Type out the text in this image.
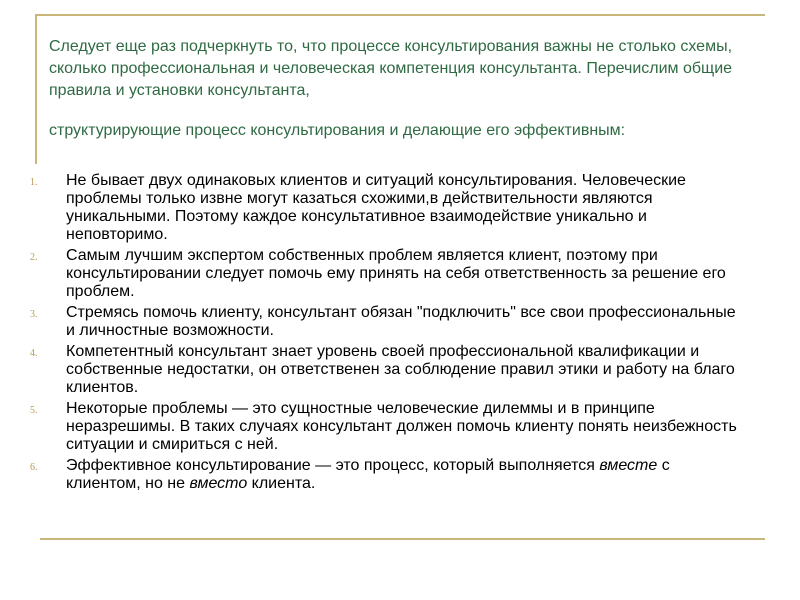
Следует еще раз подчеркнуть то, что процессе консультирования важны не столько схемы, сколько профессиональная и человеческая компетенция консультанта. Перечислим общие правила и установки консультанта,

структурирующие процесс консультирования и делающие его эффективным:

1. Не бывает двух одинаковых клиентов и ситуаций консультирования. Человеческие проблемы только извне могут казаться схожими,в действительности являются уникальными. Поэтому каждое консультативное взаимодействие уникально и неповторимо.
2. Самым лучшим экспертом собственных проблем является клиент, поэтому при консультировании следует помочь ему принять на себя ответственность за решение его проблем.
3. Стремясь помочь клиенту, консультант обязан "подключить" все свои профессиональные и личностные возможности.
4. Компетентный консультант знает уровень своей профессиональной квалификации и собственные недостатки, он ответственен за соблюдение правил этики и работу на благо клиентов.
5. Некоторые проблемы — это сущностные человеческие дилеммы и в принципе неразрешимы. В таких случаях консультант должен помочь клиенту понять неизбежность ситуации и смириться с ней.
6. Эффективное консультирование — это процесс, который выполняется вместе с клиентом, но не вместо клиента.
